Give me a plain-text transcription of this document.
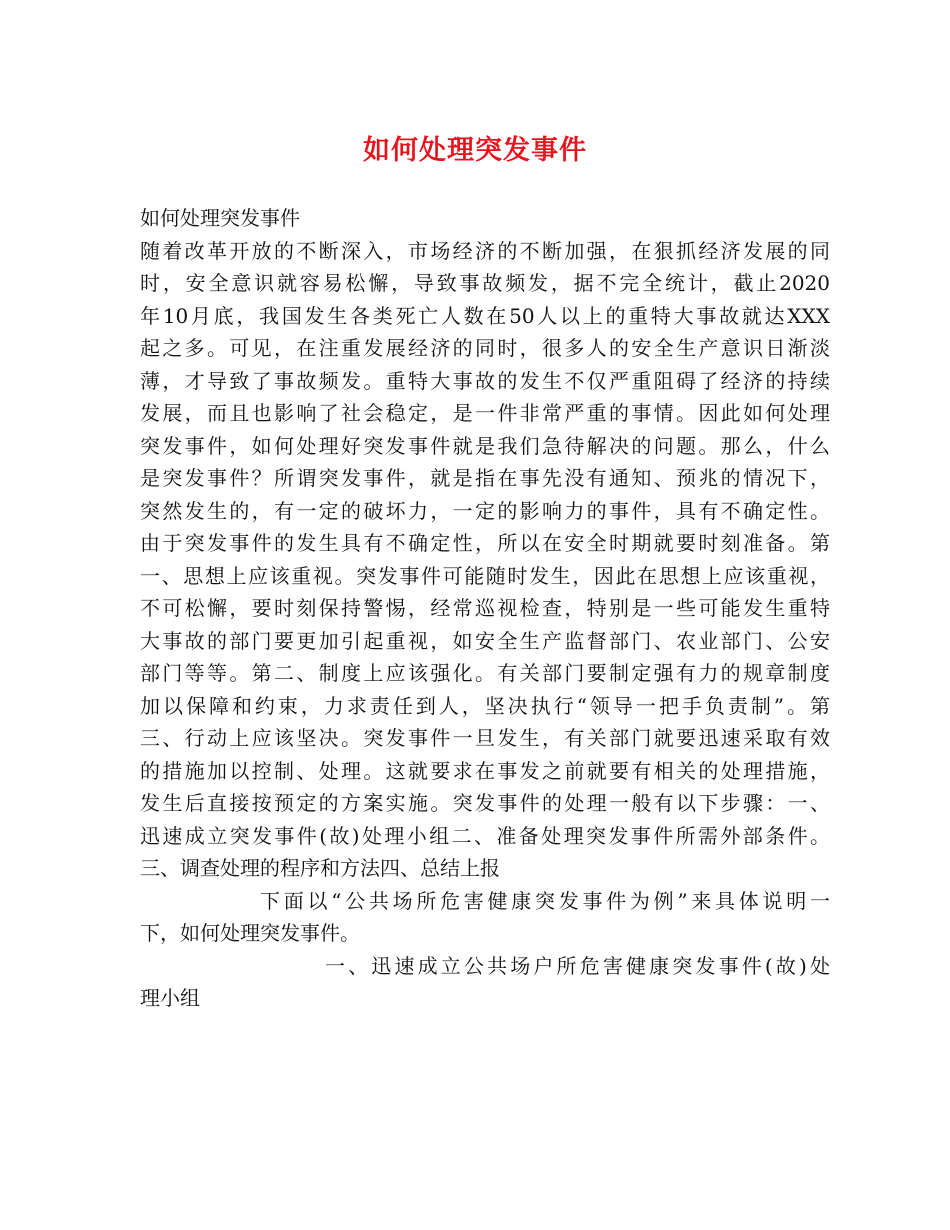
如何处理突发事件
如何处理突发事件
随着改革开放的不断深入，市场经济的不断加强，在狠抓经济发展的同
时，安全意识就容易松懈，导致事故频发，据不完全统计，截止2020
年10月底，我国发生各类死亡人数在50人以上的重特大事故就达XXX
起之多。可见，在注重发展经济的同时，很多人的安全生产意识日渐淡
薄，才导致了事故频发。重特大事故的发生不仅严重阻碍了经济的持续
发展，而且也影响了社会稳定，是一件非常严重的事情。因此如何处理
突发事件，如何处理好突发事件就是我们急待解决的问题。那么，什么
是突发事件？所谓突发事件，就是指在事先没有通知、预兆的情况下，
突然发生的，有一定的破坏力，一定的影响力的事件，具有不确定性。
由于突发事件的发生具有不确定性，所以在安全时期就要时刻准备。第
一、思想上应该重视。突发事件可能随时发生，因此在思想上应该重视，
不可松懈，要时刻保持警惕，经常巡视检查，特别是一些可能发生重特
大事故的部门要更加引起重视，如安全生产监督部门、农业部门、公安
部门等等。第二、制度上应该强化。有关部门要制定强有力的规章制度
加以保障和约束，力求责任到人，坚决执行“领导一把手负责制”。第
三、行动上应该坚决。突发事件一旦发生，有关部门就要迅速采取有效
的措施加以控制、处理。这就要求在事发之前就要有相关的处理措施，
发生后直接按预定的方案实施。突发事件的处理一般有以下步骤：一、
迅速成立突发事件(故)处理小组二、准备处理突发事件所需外部条件。
三、调查处理的程序和方法四、总结上报
下面以“公共场所危害健康突发事件为例”来具体说明一
下，如何处理突发事件。
一、迅速成立公共场户所危害健康突发事件(故)处
理小组
